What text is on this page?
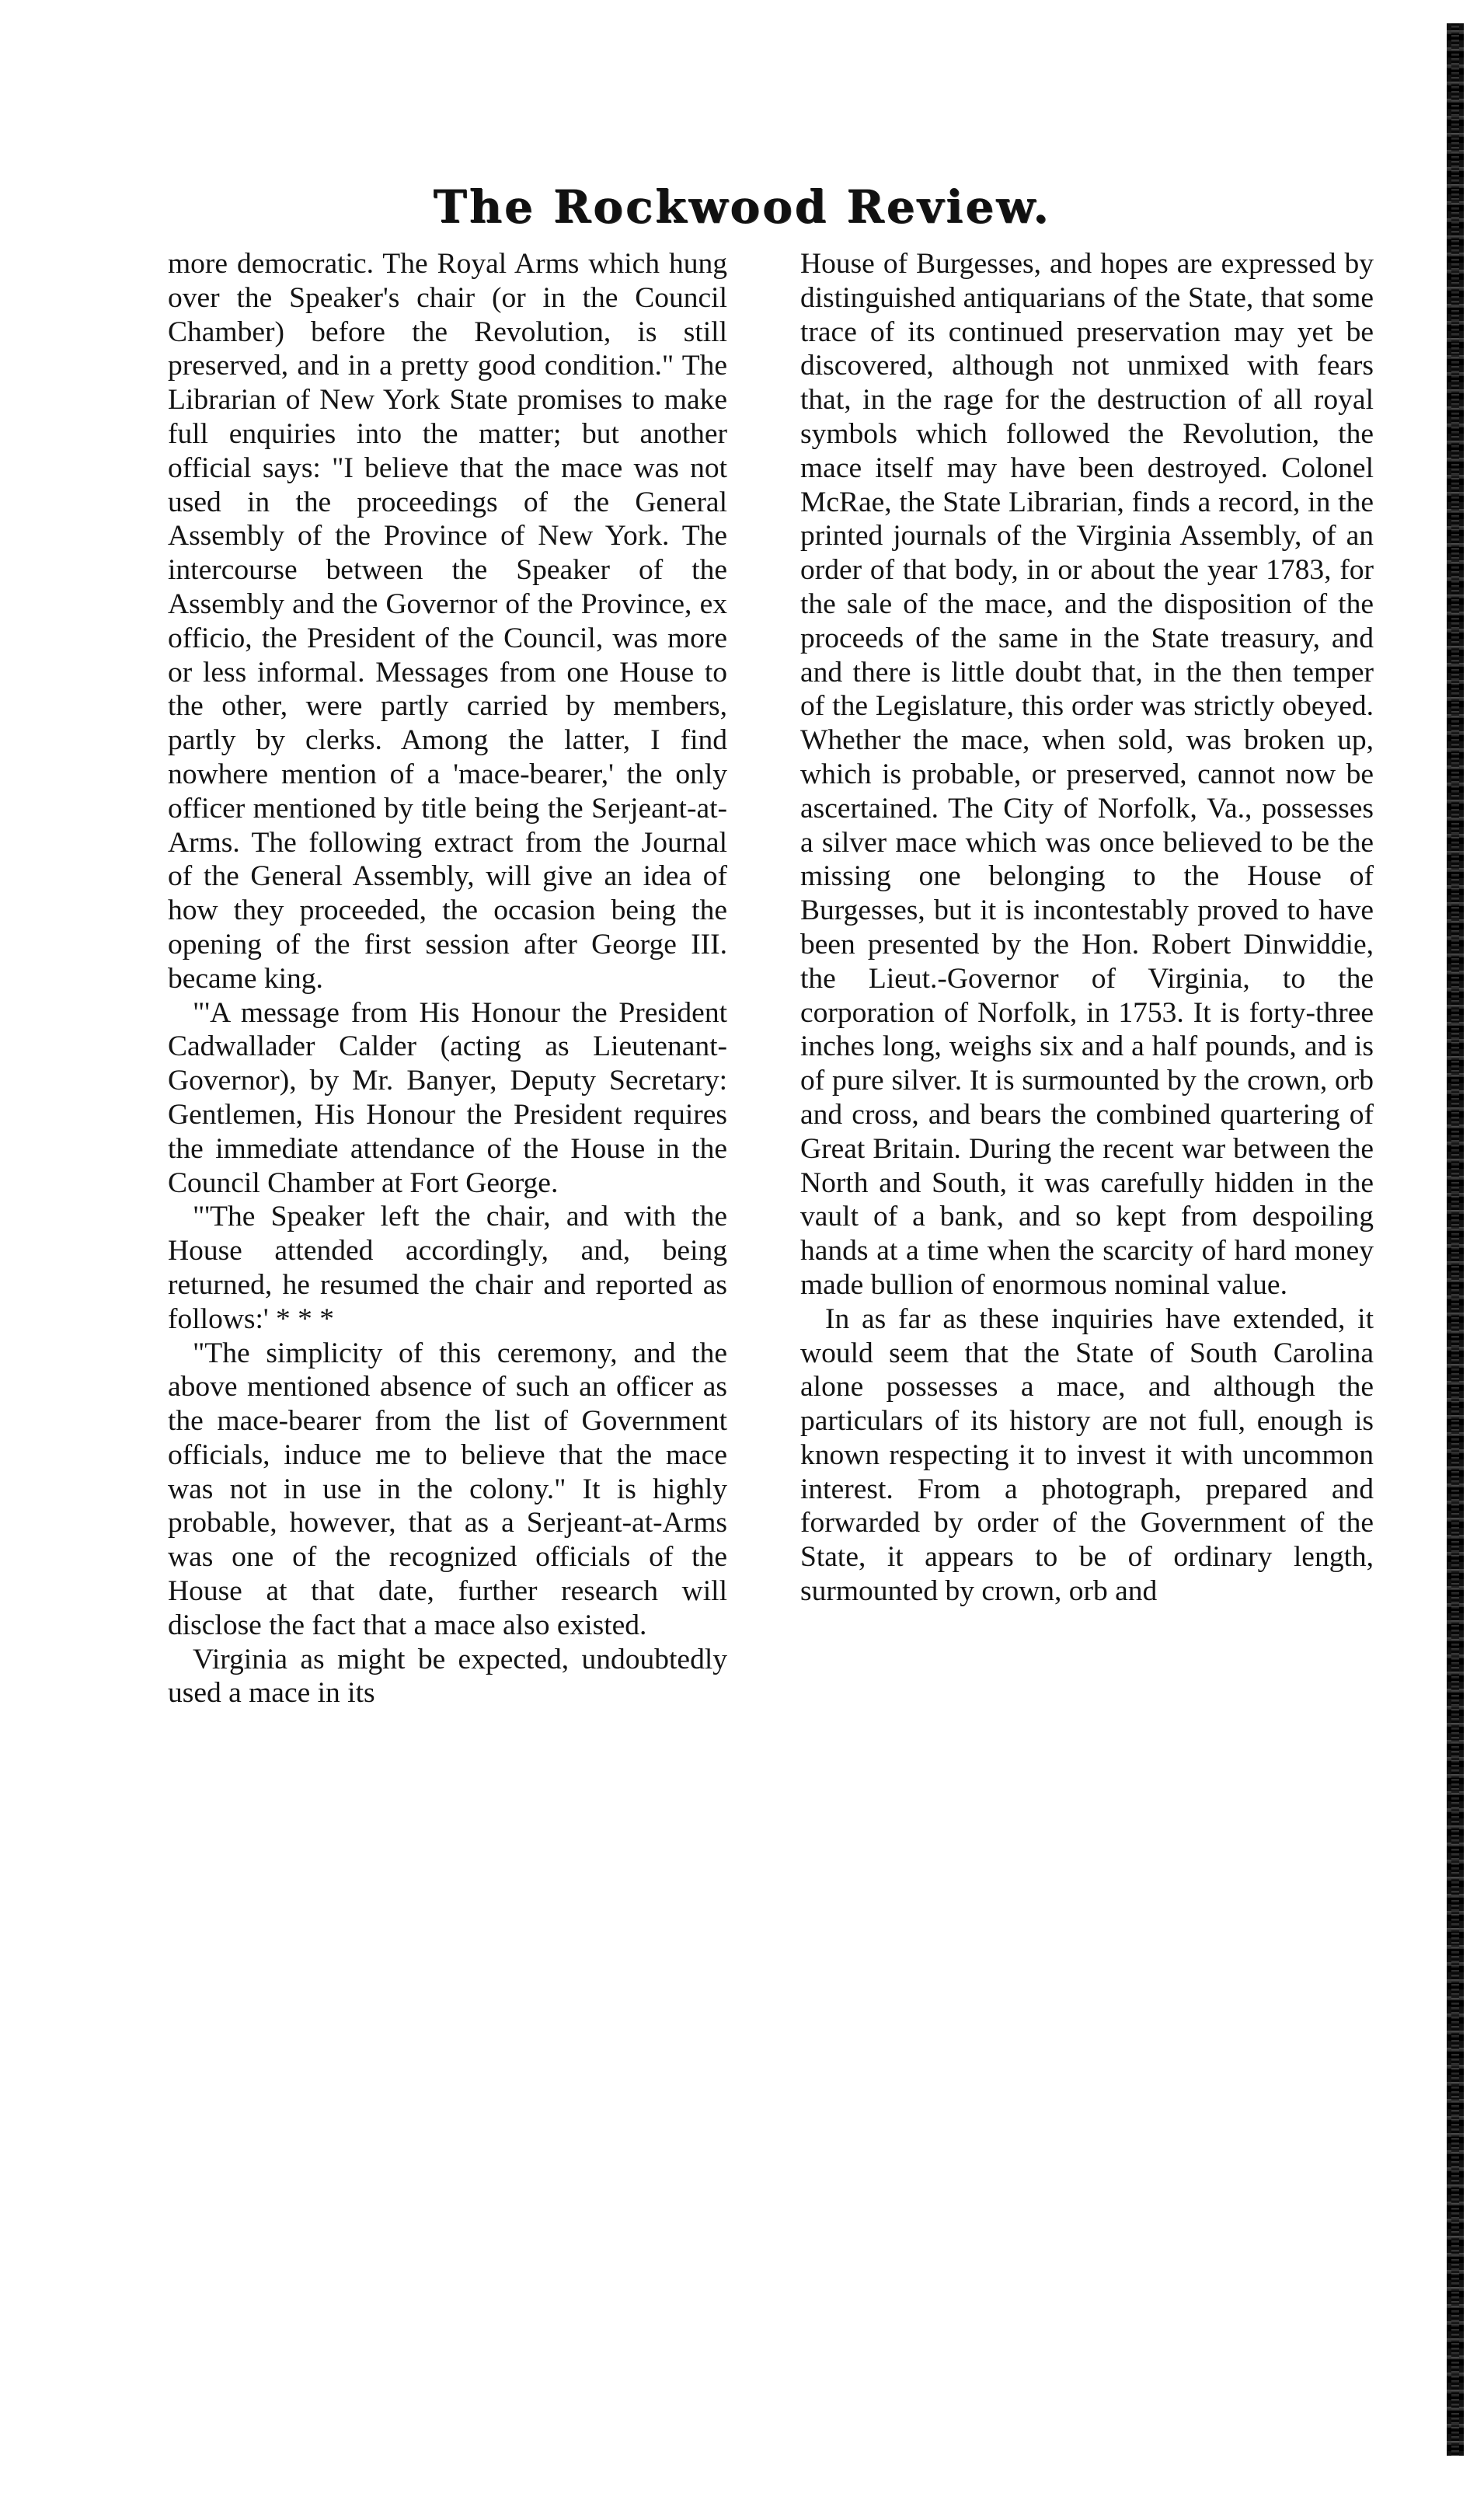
The Rockwood Review.

more democratic. The Royal Arms which hung over the Speaker's chair (or in the Council Chamber) before the Revolution, is still preserved, and in a pretty good condition." The Librarian of New York State promises to make full enquiries into the matter; but another official says: "I believe that the mace was not used in the proceedings of the General Assembly of the Province of New York. The intercourse between the Speaker of the Assembly and the Governor of the Province, ex officio, the President of the Council, was more or less informal. Messages from one House to the other, were partly carried by members, partly by clerks. Among the latter, I find nowhere mention of a 'mace-bearer,' the only officer mentioned by title being the Serjeant-at-Arms. The following extract from the Journal of the General Assembly, will give an idea of how they proceeded, the occasion being the opening of the first session after George III. became king.

"'A message from His Honour the President Cadwallader Calder (acting as Lieutenant-Governor), by Mr. Banyer, Deputy Secretary: Gentlemen, His Honour the President requires the immediate attendance of the House in the Council Chamber at Fort George.

"'The Speaker left the chair, and with the House attended accordingly, and, being returned, he resumed the chair and reported as follows:' * * *

"The simplicity of this ceremony, and the above mentioned absence of such an officer as the mace-bearer from the list of Government officials, induce me to believe that the mace was not in use in the colony." It is highly probable, however, that as a Serjeant-at-Arms was one of the recognized officials of the House at that date, further research will disclose the fact that a mace also existed.

Virginia as might be expected, undoubtedly used a mace in its

House of Burgesses, and hopes are expressed by distinguished antiquarians of the State, that some trace of its continued preservation may yet be discovered, although not unmixed with fears that, in the rage for the destruction of all royal symbols which followed the Revolution, the mace itself may have been destroyed. Colonel McRae, the State Librarian, finds a record, in the printed journals of the Virginia Assembly, of an order of that body, in or about the year 1783, for the sale of the mace, and the disposition of the proceeds of the same in the State treasury, and and there is little doubt that, in the then temper of the Legislature, this order was strictly obeyed. Whether the mace, when sold, was broken up, which is probable, or preserved, cannot now be ascertained. The City of Norfolk, Va., possesses a silver mace which was once believed to be the missing one belonging to the House of Burgesses, but it is incontestably proved to have been presented by the Hon. Robert Dinwiddie, the Lieut.-Governor of Virginia, to the corporation of Norfolk, in 1753. It is forty-three inches long, weighs six and a half pounds, and is of pure silver. It is surmounted by the crown, orb and cross, and bears the combined quartering of Great Britain. During the recent war between the North and South, it was carefully hidden in the vault of a bank, and so kept from despoiling hands at a time when the scarcity of hard money made bullion of enormous nominal value.

In as far as these inquiries have extended, it would seem that the State of South Carolina alone possesses a mace, and although the particulars of its history are not full, enough is known respecting it to invest it with uncommon interest. From a photograph, prepared and forwarded by order of the Government of the State, it appears to be of ordinary length, surmounted by crown, orb and
